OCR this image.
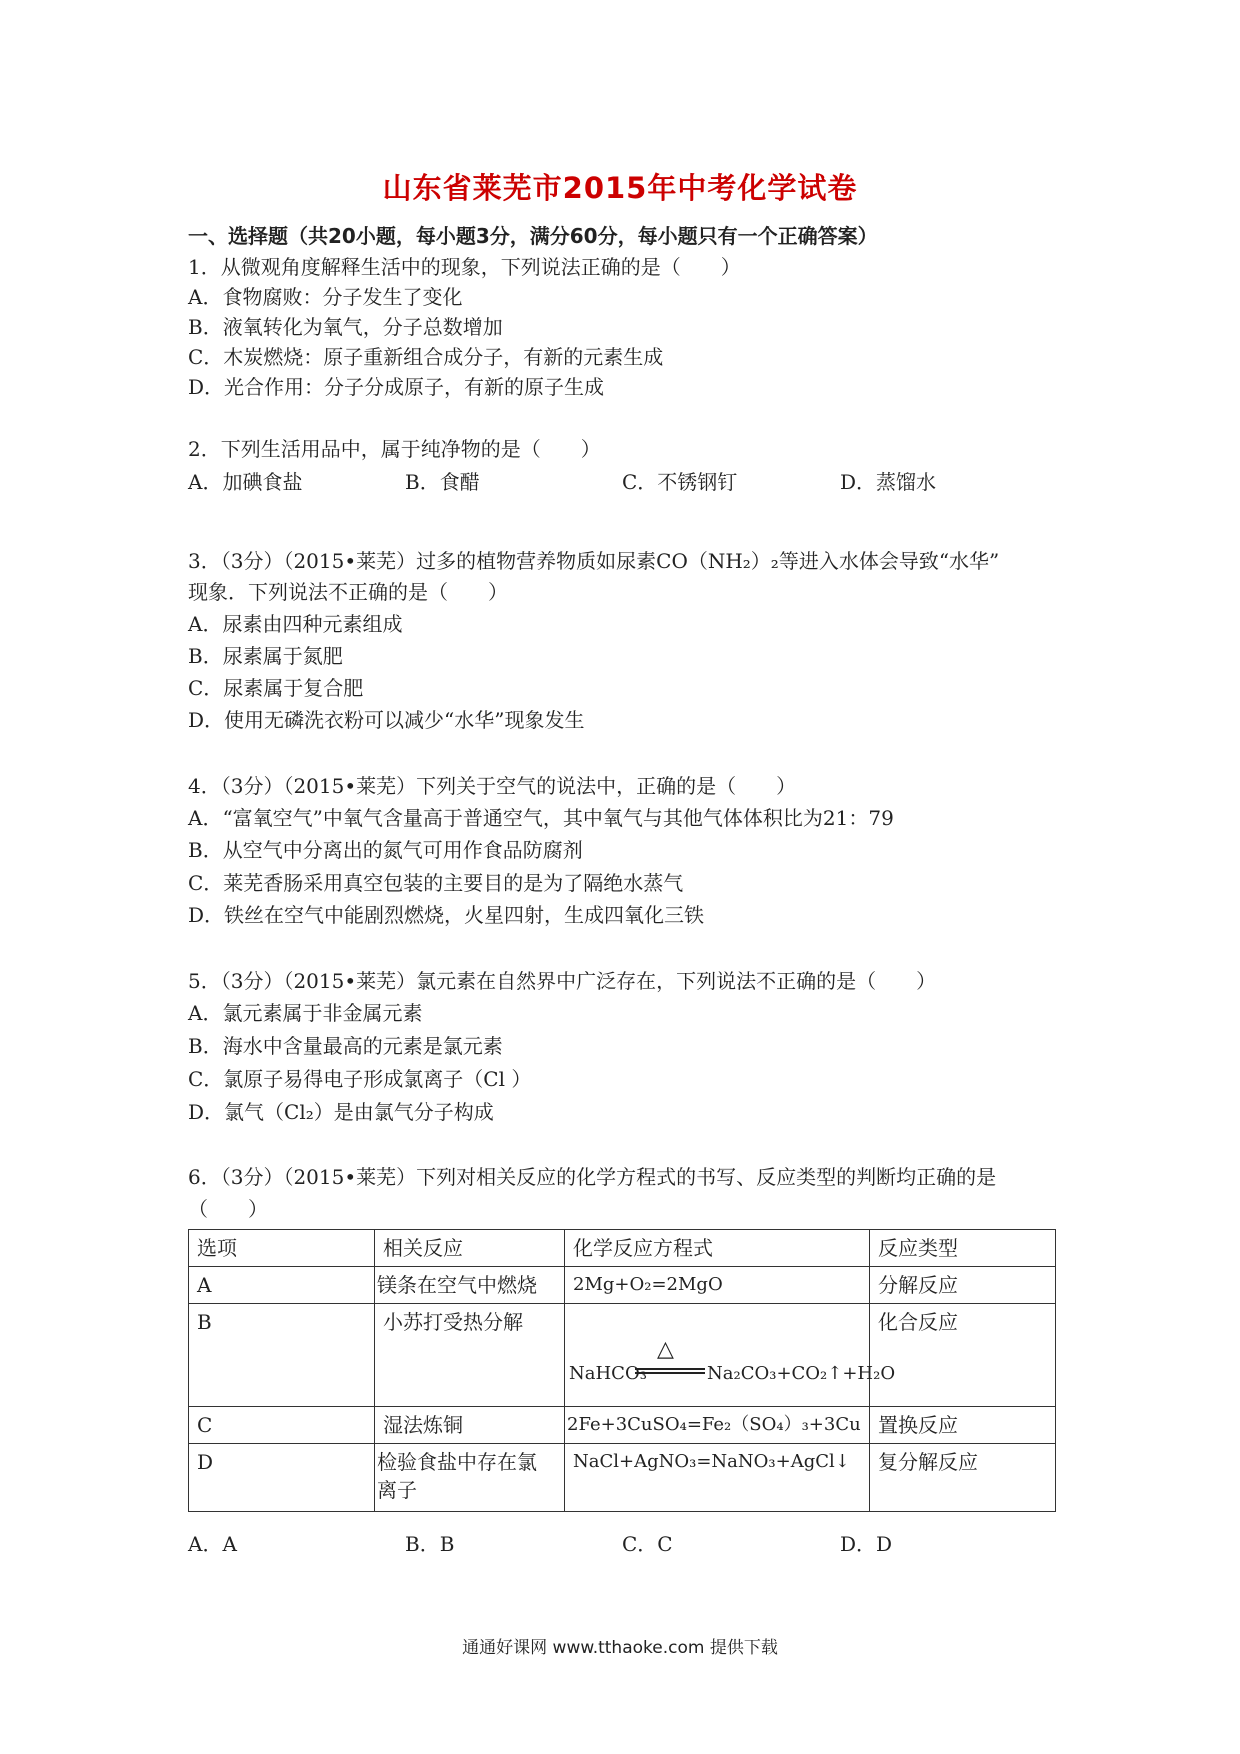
山东省莱芜市2015年中考化学试卷
一、选择题（共20小题，每小题3分，满分60分，每小题只有一个正确答案）
1．从微观角度解释生活中的现象，下列说法正确的是（　　）
A．食物腐败：分子发生了变化
B．液氧转化为氧气，分子总数增加
C．木炭燃烧：原子重新组合成分子，有新的元素生成
D．光合作用：分子分成原子，有新的原子生成
2．下列生活用品中，属于纯净物的是（　　）
A．加碘食盐	B．食醋	C．不锈钢钉	D．蒸馏水
3．（3分）（2015•莱芜）过多的植物营养物质如尿素CO（NH₂）₂等进入水体会导致“水华”
现象．下列说法不正确的是（　　）
A．尿素由四种元素组成
B．尿素属于氮肥
C．尿素属于复合肥
D．使用无磷洗衣粉可以减少“水华”现象发生
4．（3分）（2015•莱芜）下列关于空气的说法中，正确的是（　　）
A．“富氧空气”中氧气含量高于普通空气，其中氧气与其他气体体积比为21：79
B．从空气中分离出的氮气可用作食品防腐剂
C．莱芜香肠采用真空包装的主要目的是为了隔绝水蒸气
D．铁丝在空气中能剧烈燃烧，火星四射，生成四氧化三铁
5．（3分）（2015•莱芜）氯元素在自然界中广泛存在，下列说法不正确的是（　　）
A．氯元素属于非金属元素
B．海水中含量最高的元素是氯元素
C．氯原子易得电子形成氯离子（Cl ）
D．氯气（Cl₂）是由氯气分子构成
6．（3分）（2015•莱芜）下列对相关反应的化学方程式的书写、反应类型的判断均正确的是
（　　）
选项	相关反应	化学反应方程式	反应类型
A	镁条在空气中燃烧	2Mg+O₂=2MgO	分解反应
B	小苏打受热分解	NaHCO₃
△
Na₂CO₃+CO₂↑+H₂O	化合反应
C	湿法炼铜	2Fe+3CuSO₄=Fe₂（SO₄）₃+3Cu	置换反应
D	检验食盐中存在氯离子	NaCl+AgNO₃=NaNO₃+AgCl↓	复分解反应
A．A	B．B	C．C	D．D
通通好课网 www.tthaoke.com 提供下载
